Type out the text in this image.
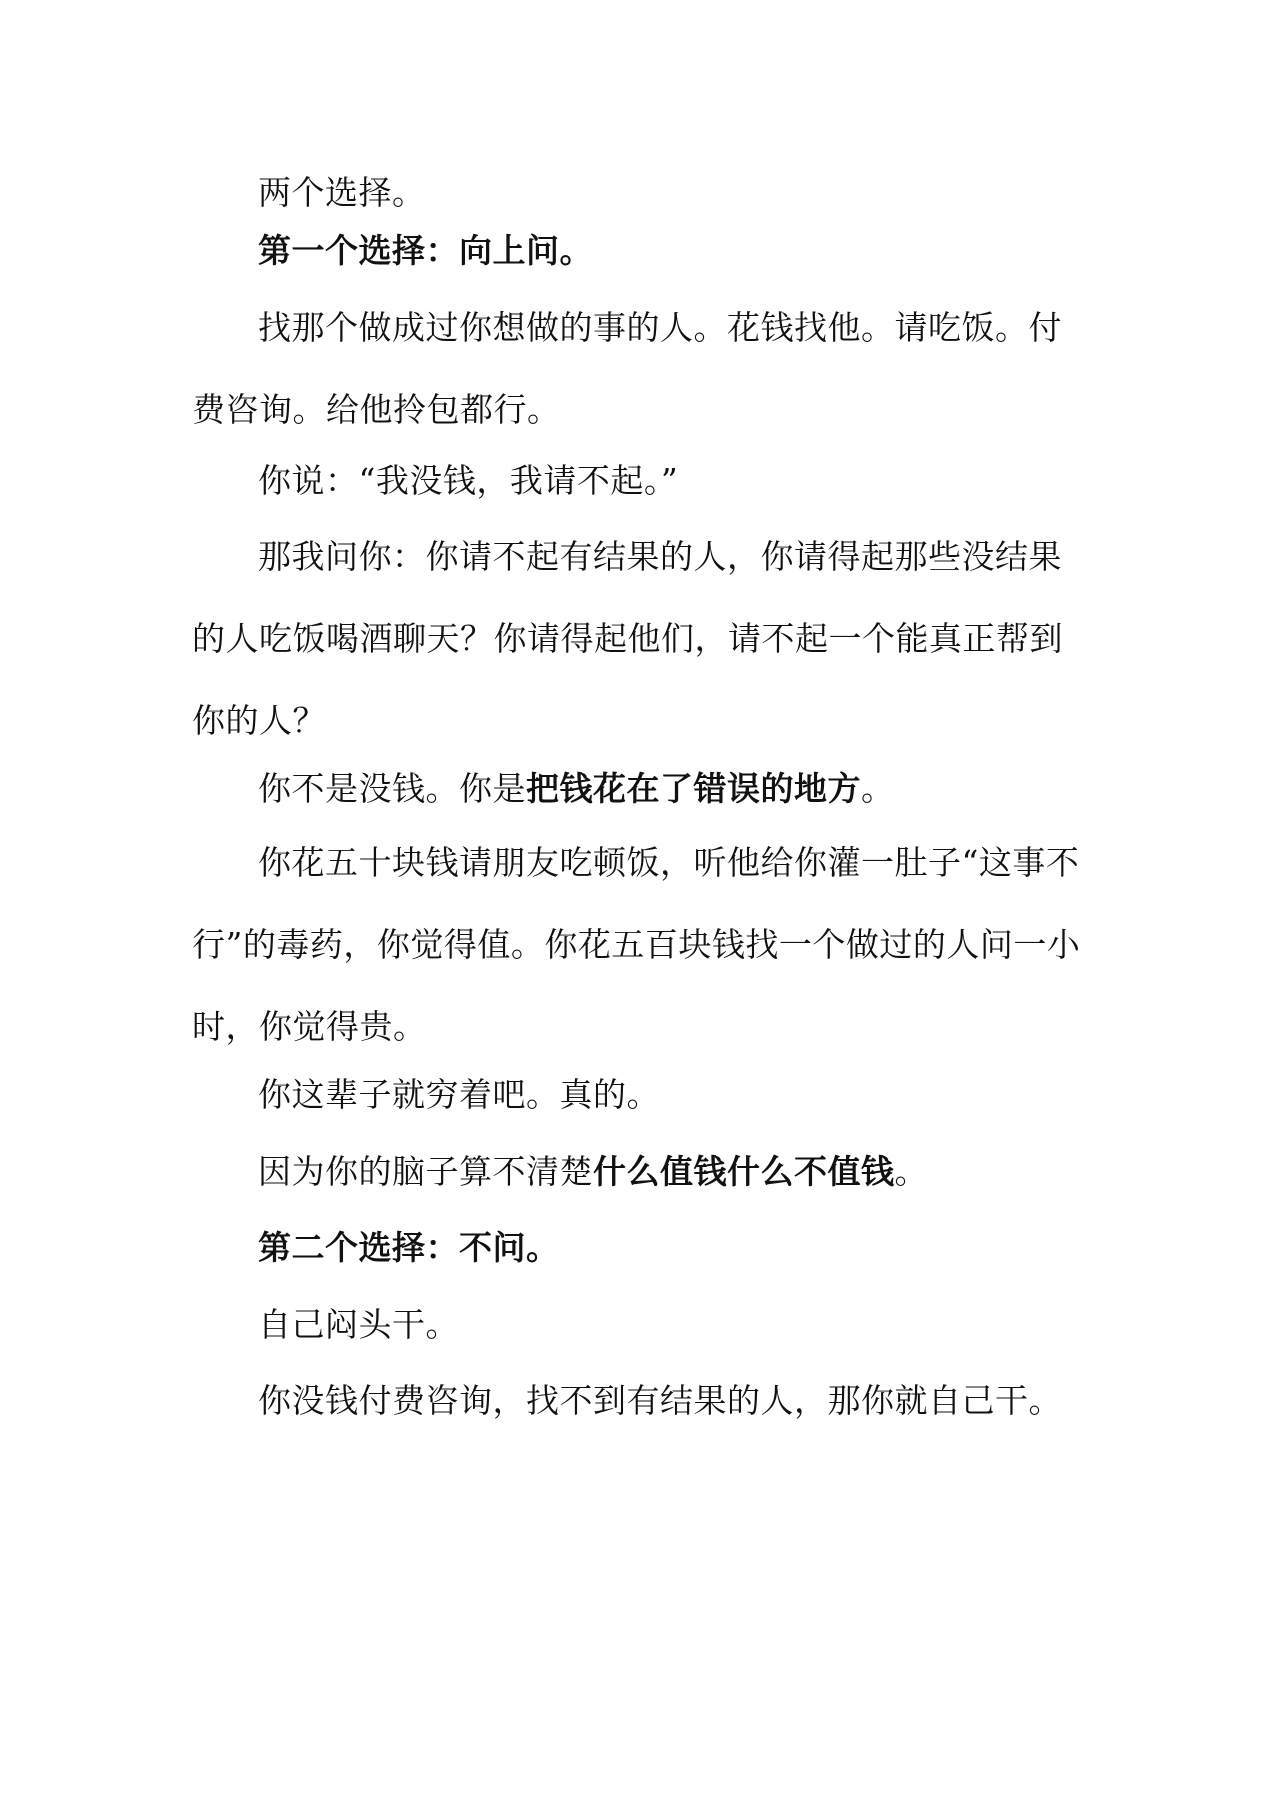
两个选择。

第一个选择：向上问。

找那个做成过你想做的事的人。花钱找他。请吃饭。付费咨询。给他拎包都行。

你说：“我没钱，我请不起。”

那我问你：你请不起有结果的人，你请得起那些没结果的人吃饭喝酒聊天？你请得起他们，请不起一个能真正帮到你的人？

你不是没钱。你是把钱花在了错误的地方。

你花五十块钱请朋友吃顿饭，听他给你灌一肚子“这事不行”的毒药，你觉得值。你花五百块钱找一个做过的人问一小时，你觉得贵。

你这辈子就穷着吧。真的。

因为你的脑子算不清楚什么值钱什么不值钱。

第二个选择：不问。

自己闷头干。

你没钱付费咨询，找不到有结果的人，那你就自己干。
